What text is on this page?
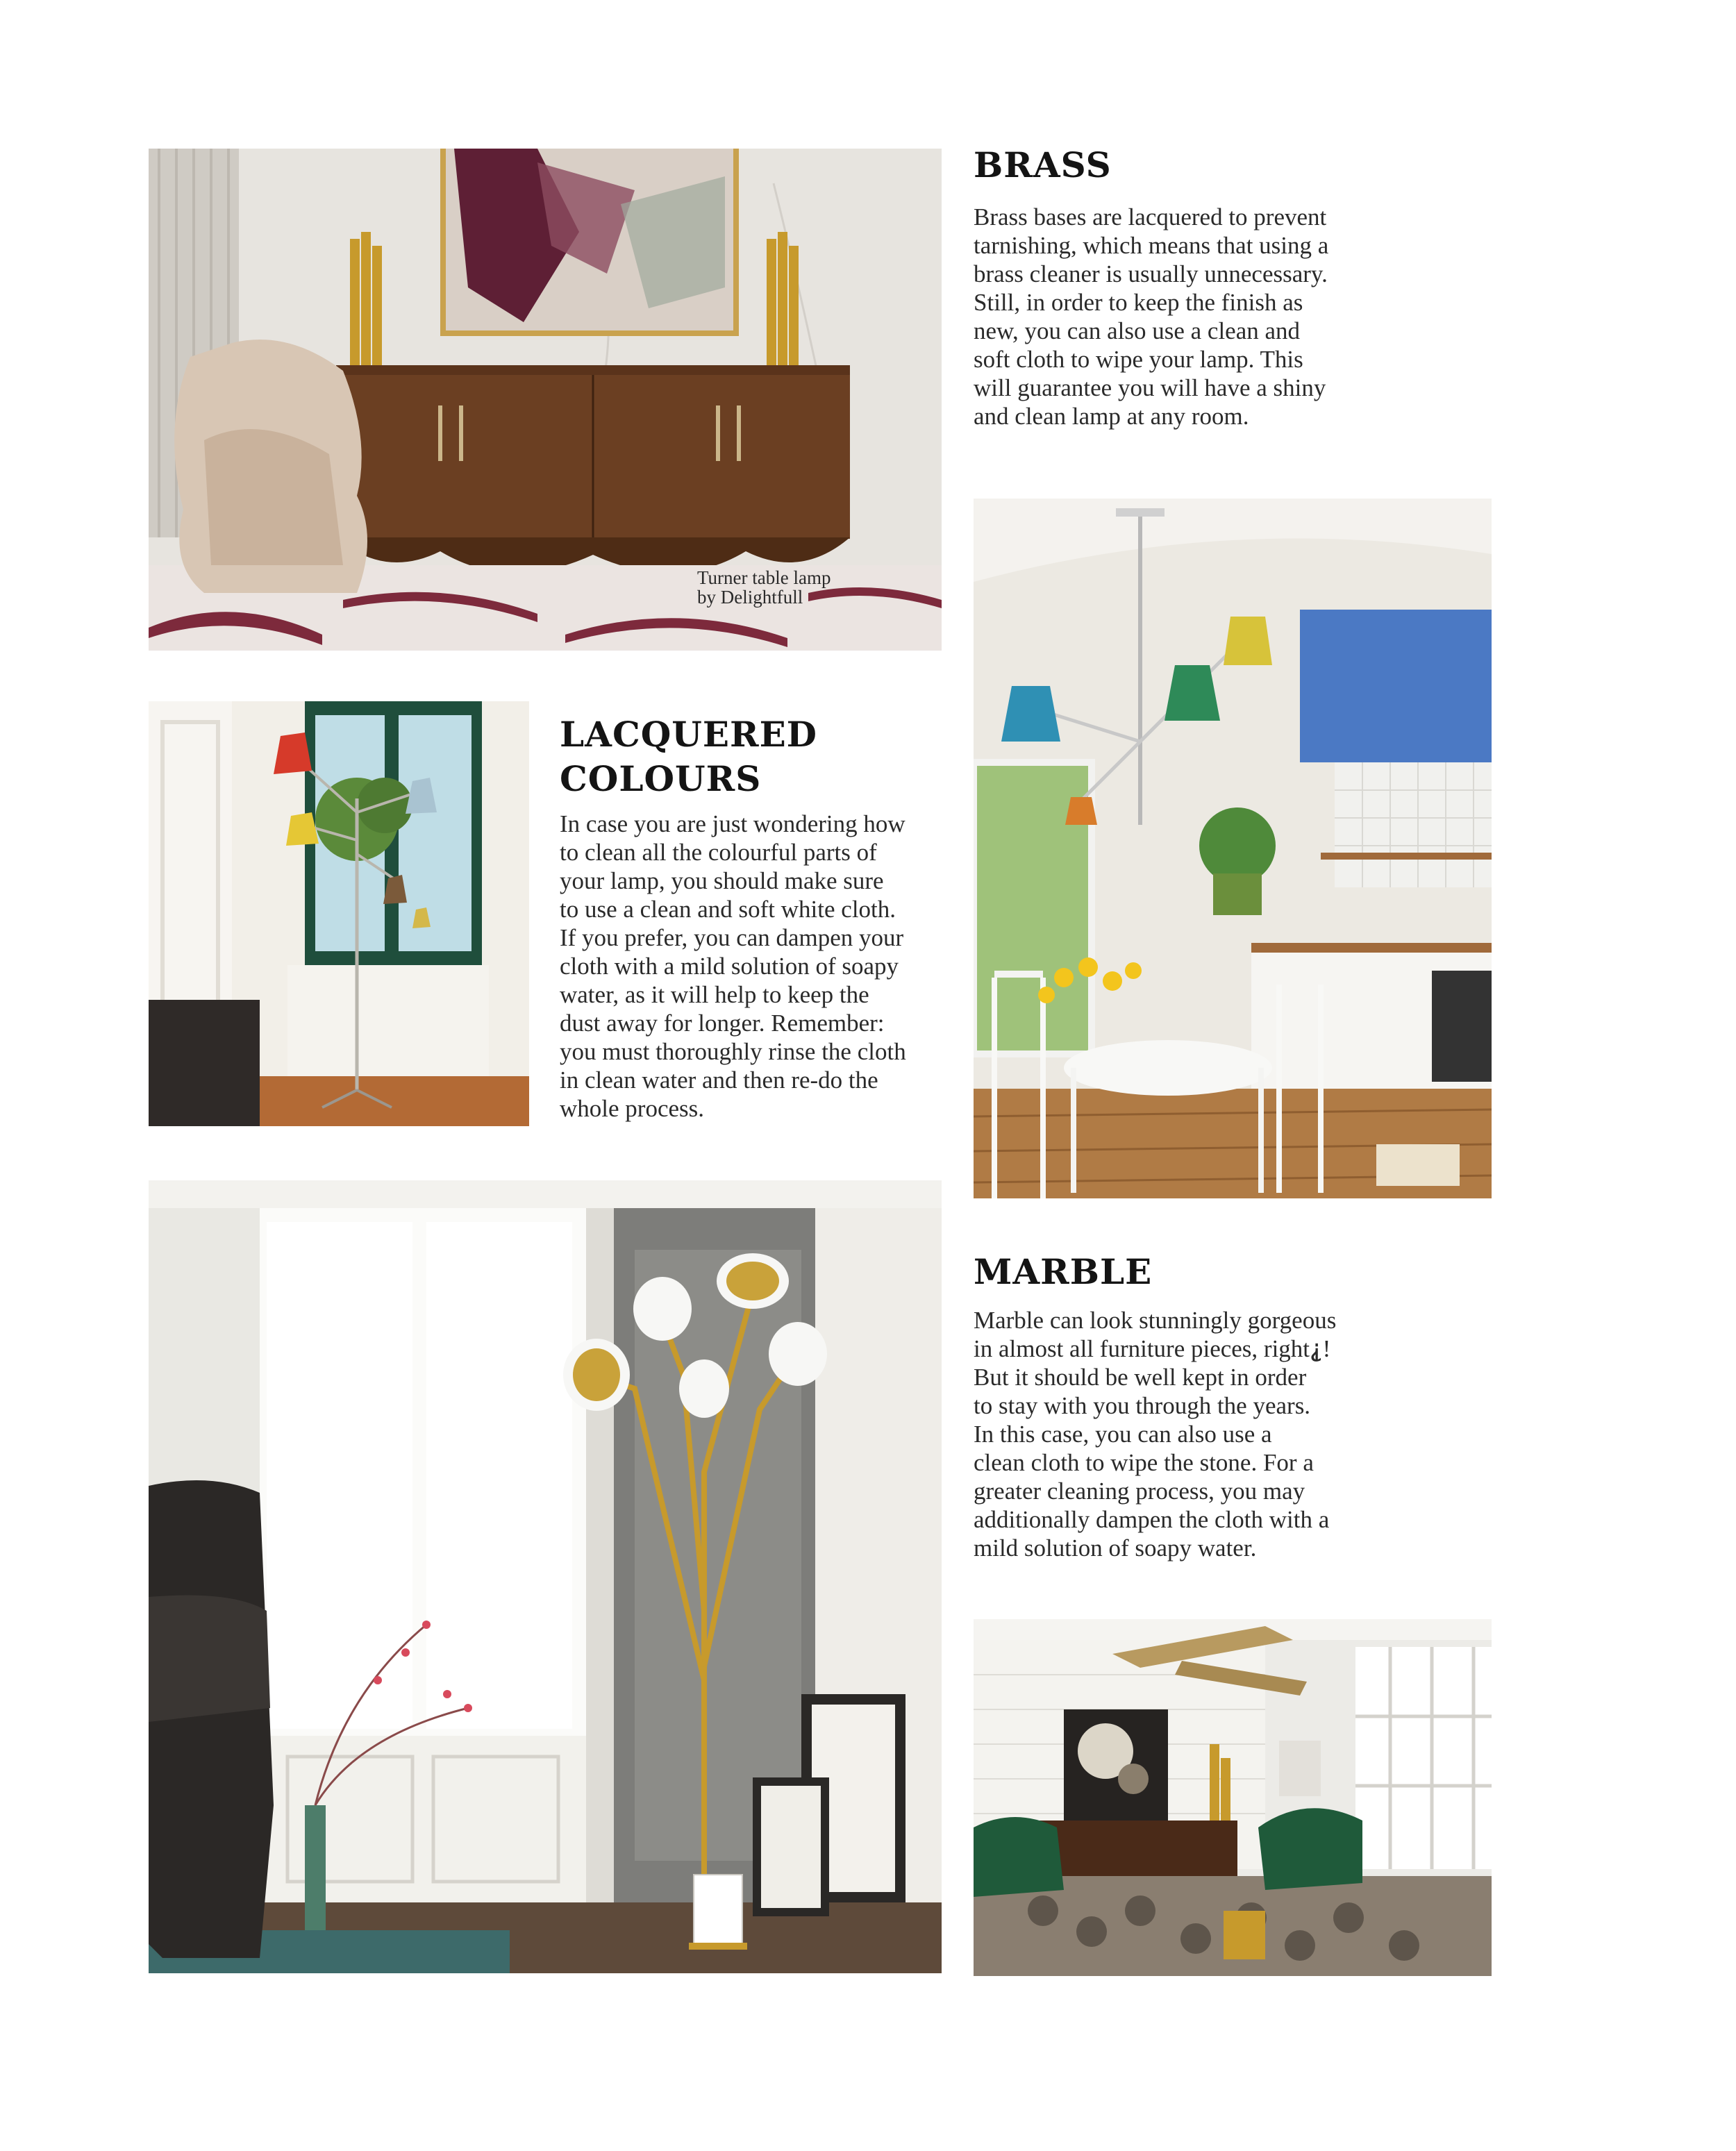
Turner table lamp
by Delightfull
BRASS

Brass bases are lacquered to prevent
tarnishing, which means that using a
brass cleaner is usually unnecessary.
Still, in order to keep the finish as
new, you can also use a clean and
soft cloth to wipe your lamp. This
will guarantee you will have a shiny
and clean lamp at any room.

LACQUERED
COLOURS

In case you are just wondering how
to clean all the colourful parts of
your lamp, you should make sure
to use a clean and soft white cloth.
If you prefer, you can dampen your
cloth with a mild solution of soapy
water, as it will help to keep the
dust away for longer. Remember:
you must thoroughly rinse the cloth
in clean water and then re-do the
whole process.

MARBLE

Marble can look stunningly gorgeous
in almost all furniture pieces, right⸘!
But it should be well kept in order
to stay with you through the years.
In this case, you can also use a
clean cloth to wipe the stone. For a
greater cleaning process, you may
additionally dampen the cloth with a
mild solution of soapy water.
